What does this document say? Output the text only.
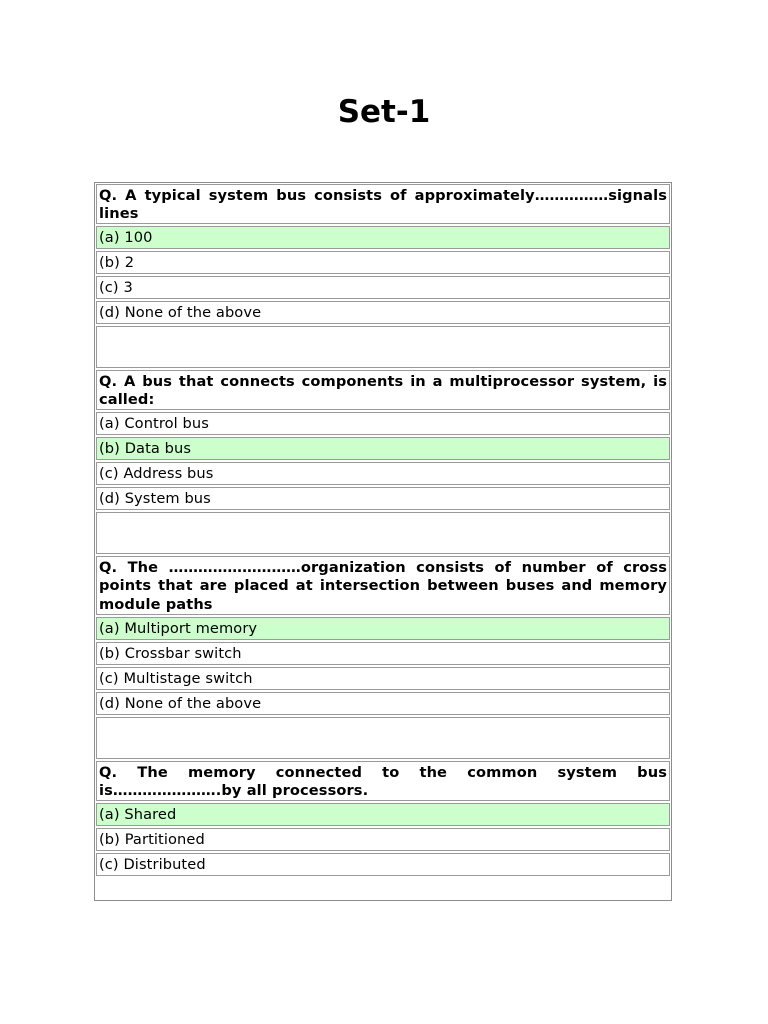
Set-1
Q. A typical system bus consists of approximately……………signals lines
(a) 100
(b) 2
(c) 3
(d) None of the above
Q. A bus that connects components in a multiprocessor system, is called:
(a) Control bus
(b) Data bus
(c) Address bus
(d) System bus
Q. The ………………………organization consists of number of cross points that are placed at intersection between buses and memory module paths
(a) Multiport memory
(b) Crossbar switch
(c) Multistage switch
(d) None of the above
Q. The memory connected to the common system bus is………………….by all processors.
(a) Shared
(b) Partitioned
(c) Distributed
